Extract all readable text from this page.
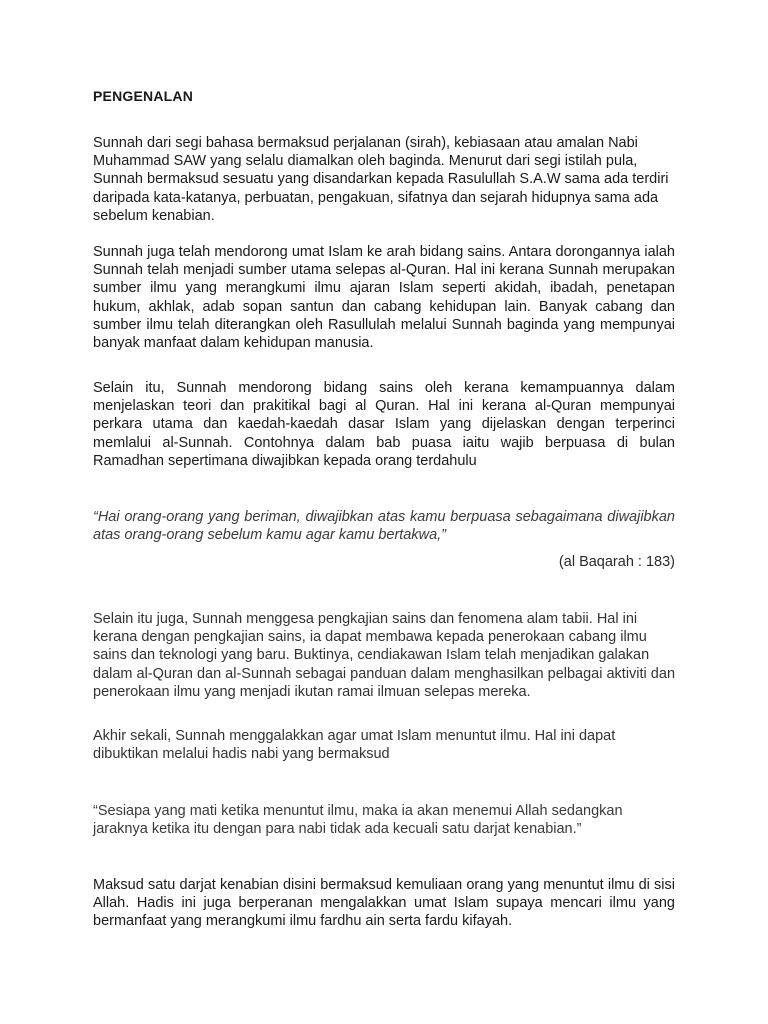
PENGENALAN

Sunnah dari segi bahasa bermaksud perjalanan (sirah), kebiasaan atau amalan Nabi Muhammad SAW yang selalu diamalkan oleh baginda. Menurut dari segi istilah pula, Sunnah bermaksud sesuatu yang disandarkan kepada Rasulullah S.A.W sama ada terdiri daripada kata-katanya, perbuatan, pengakuan, sifatnya dan sejarah hidupnya sama ada sebelum kenabian.

Sunnah juga telah mendorong umat Islam ke arah bidang sains. Antara dorongannya ialah Sunnah telah menjadi sumber utama selepas al-Quran. Hal ini kerana Sunnah merupakan sumber ilmu yang merangkumi ilmu ajaran Islam seperti akidah, ibadah, penetapan hukum, akhlak, adab sopan santun dan cabang kehidupan lain. Banyak cabang dan sumber ilmu telah diterangkan oleh Rasullulah melalui Sunnah baginda yang mempunyai banyak manfaat dalam kehidupan manusia.

Selain itu, Sunnah mendorong bidang sains oleh kerana kemampuannya dalam menjelaskan teori dan prakitikal bagi al Quran. Hal ini kerana al-Quran mempunyai perkara utama dan kaedah-kaedah dasar Islam yang dijelaskan dengan terperinci memlalui al-Sunnah. Contohnya dalam bab puasa iaitu wajib berpuasa di bulan Ramadhan sepertimana diwajibkan kepada orang terdahulu

“Hai orang-orang yang beriman, diwajibkan atas kamu berpuasa sebagaimana diwajibkan atas orang-orang sebelum kamu agar kamu bertakwa,”

(al Baqarah : 183)

Selain itu juga, Sunnah menggesa pengkajian sains dan fenomena alam tabii. Hal ini kerana dengan pengkajian sains, ia dapat membawa kepada penerokaan cabang ilmu sains dan teknologi yang baru. Buktinya, cendiakawan Islam telah menjadikan galakan dalam al-Quran dan al-Sunnah sebagai panduan dalam menghasilkan pelbagai aktiviti dan penerokaan ilmu yang menjadi ikutan ramai ilmuan selepas mereka.

Akhir sekali, Sunnah menggalakkan agar umat Islam menuntut ilmu. Hal ini dapat dibuktikan melalui hadis nabi yang bermaksud

“Sesiapa yang mati ketika menuntut ilmu, maka ia akan menemui Allah sedangkan jaraknya ketika itu dengan para nabi tidak ada kecuali satu darjat kenabian.”

Maksud satu darjat kenabian disini bermaksud kemuliaan orang yang menuntut ilmu di sisi Allah. Hadis ini juga berperanan mengalakkan umat Islam supaya mencari ilmu yang bermanfaat yang merangkumi ilmu fardhu ain serta fardu kifayah.
